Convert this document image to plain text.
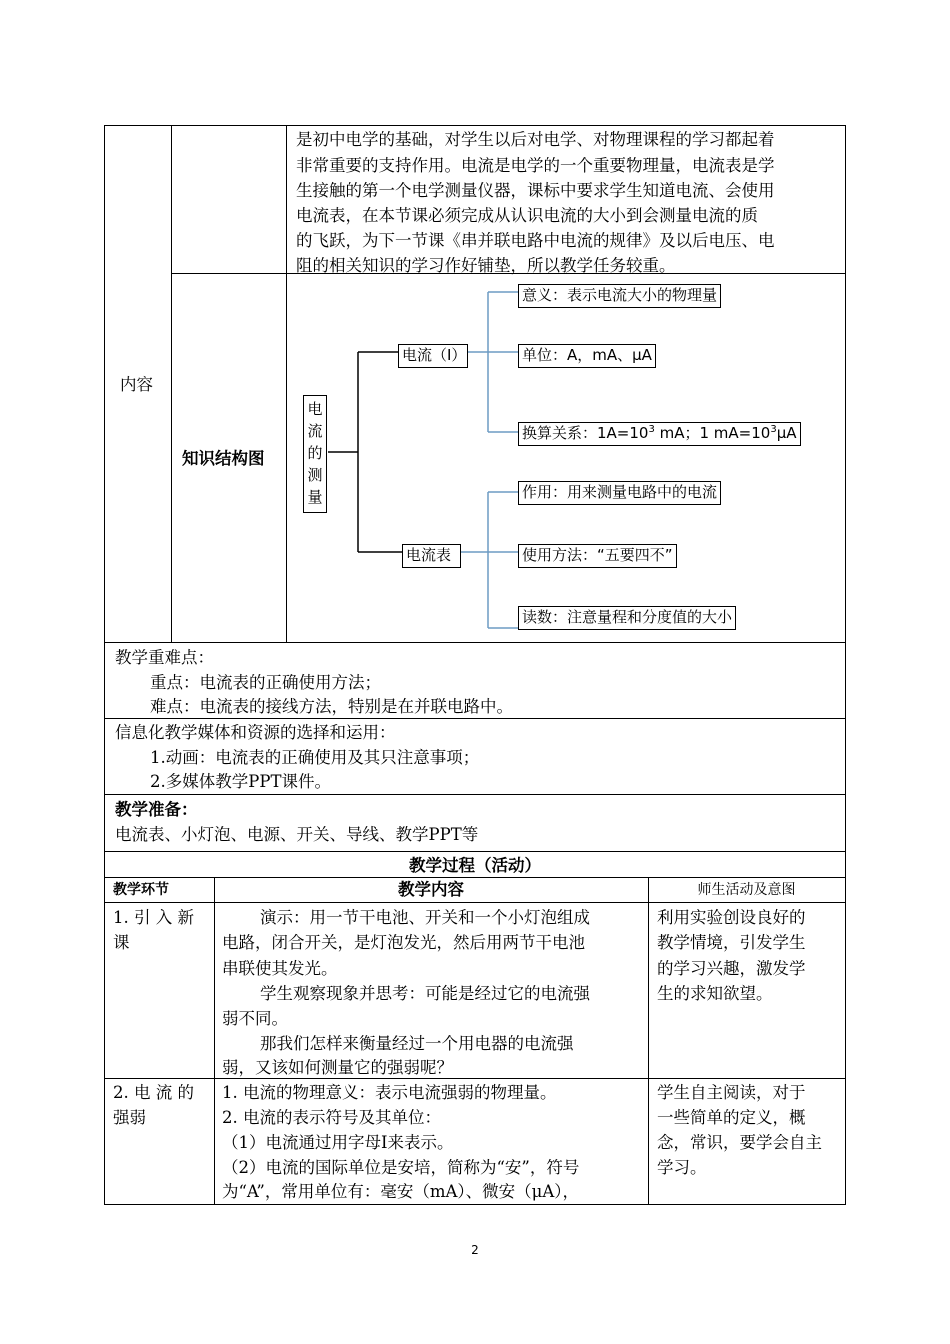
内容
是初中电学的基础，对学生以后对电学、对物理课程的学习都起着
非常重要的支持作用。电流是电学的一个重要物理量，电流表是学
生接触的第一个电学测量仪器，课标中要求学生知道电流、会使用
电流表，在本节课必须完成从认识电流的大小到会测量电流的质
的飞跃，为下一节课《串并联电路中电流的规律》及以后电压、电
阻的相关知识的学习作好铺垫，所以教学任务较重。
知识结构图
电
流
的
测
量
电流（I）
电流表
意义：表示电流大小的物理量
单位：A，mA、μA
换算关系：$1A=10^3$ mA；1 $mA=10^3\mu A$
作用：用来测量电路中的电流
使用方法：“五要四不”
读数：注意量程和分度值的大小
教学重难点：
重点：电流表的正确使用方法；
难点：电流表的接线方法，特别是在并联电路中。
信息化教学媒体和资源的选择和运用：
1.动画：电流表的正确使用及其只注意事项；
2.多媒体教学PPT课件。
教学准备：
电流表、小灯泡、电源、开关、导线、教学PPT等
教学过程（活动）
教学环节	教学内容	师生活动及意图
1. 引 入 新
课
演示：用一节干电池、开关和一个小灯泡组成
电路，闭合开关，是灯泡发光，然后用两节干电池
串联使其发光。
学生观察现象并思考：可能是经过它的电流强
弱不同。
那我们怎样来衡量经过一个用电器的电流强
弱，又该如何测量它的强弱呢？
利用实验创设良好的
教学情境，引发学生
的学习兴趣，激发学
生的求知欲望。
2. 电 流 的
强弱
1. 电流的物理意义：表示电流强弱的物理量。
2. 电流的表示符号及其单位：
（1）电流通过用字母I来表示。
（2）电流的国际单位是安培，简称为“安”，符号
为“A”，常用单位有：毫安（mA）、微安（μA），
学生自主阅读，对于
一些简单的定义，概
念，常识，要学会自主
学习。
2
